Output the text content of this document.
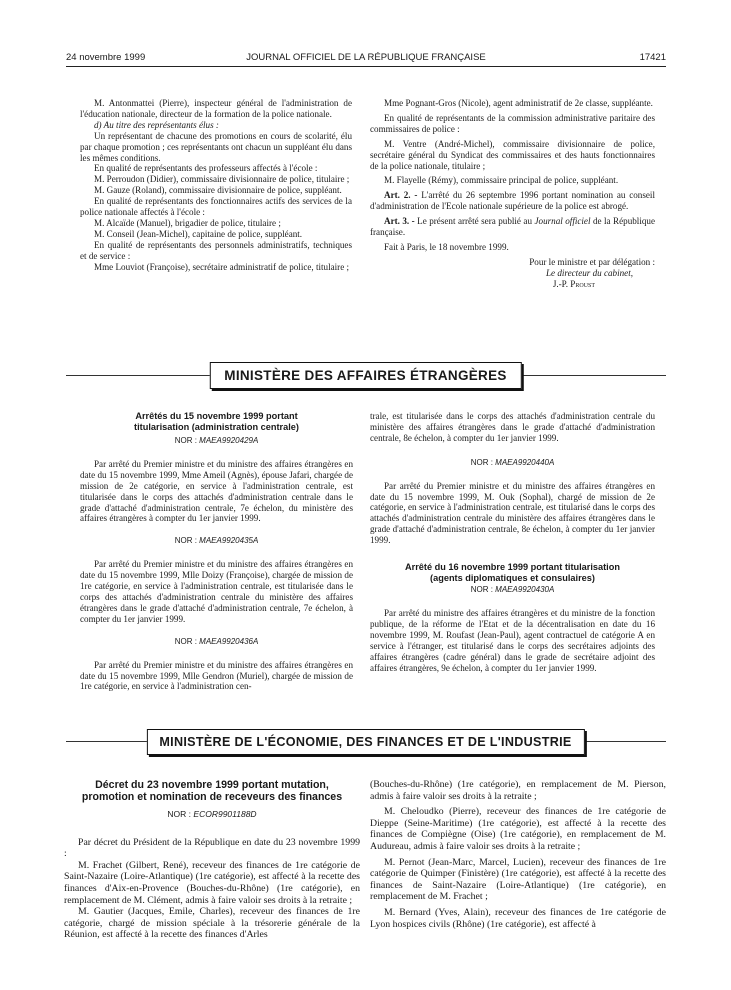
24 novembre 1999	JOURNAL OFFICIEL DE LA RÉPUBLIQUE FRANÇAISE	17421

M. Antonmattei (Pierre), inspecteur général de l'administration de l'éducation nationale, directeur de la formation de la police nationale.

d) Au titre des représentants élus :

Un représentant de chacune des promotions en cours de scolarité, élu par chaque promotion ; ces représentants ont chacun un suppléant élu dans les mêmes conditions.

En qualité de représentants des professeurs affectés à l'école :

M. Perroudon (Didier), commissaire divisionnaire de police, titulaire ;

M. Gauze (Roland), commissaire divisionnaire de police, suppléant.

En qualité de représentants des fonctionnaires actifs des services de la police nationale affectés à l'école :

M. Alcaïde (Manuel), brigadier de police, titulaire ;

M. Conseil (Jean-Michel), capitaine de police, suppléant.

En qualité de représentants des personnels administratifs, techniques et de service :

Mme Louviot (Françoise), secrétaire administratif de police, titulaire ;

Mme Pognant-Gros (Nicole), agent administratif de 2e classe, suppléante.

En qualité de représentants de la commission administrative paritaire des commissaires de police :

M. Ventre (André-Michel), commissaire divisionnaire de police, secrétaire général du Syndicat des commissaires et des hauts fonctionnaires de la police nationale, titulaire ;

M. Flayelle (Rémy), commissaire principal de police, suppléant.

Art. 2. - L'arrêté du 26 septembre 1996 portant nomination au conseil d'administration de l'Ecole nationale supérieure de la police est abrogé.

Art. 3. - Le présent arrêté sera publié au Journal officiel de la République française.

Fait à Paris, le 18 novembre 1999.

Pour le ministre et par délégation :

Le directeur du cabinet,

J.-P. Proust

MINISTÈRE DES AFFAIRES ÉTRANGÈRES
Arrêtés du 15 novembre 1999 portant titularisation (administration centrale)
NOR : MAEA9920429A

Par arrêté du Premier ministre et du ministre des affaires étrangères en date du 15 novembre 1999, Mme Ameil (Agnès), épouse Jafari, chargée de mission de 2e catégorie, en service à l'administration centrale, est titularisée dans le corps des attachés d'administration centrale dans le grade d'attaché d'administration centrale, 7e échelon, du ministère des affaires étrangères à compter du 1er janvier 1999.

NOR : MAEA9920435A

Par arrêté du Premier ministre et du ministre des affaires étrangères en date du 15 novembre 1999, Mlle Doizy (Françoise), chargée de mission de 1re catégorie, en service à l'administration centrale, est titularisée dans le corps des attachés d'administration centrale du ministère des affaires étrangères dans le grade d'attaché d'administration centrale, 7e échelon, à compter du 1er janvier 1999.

NOR : MAEA9920436A

Par arrêté du Premier ministre et du ministre des affaires étrangères en date du 15 novembre 1999, Mlle Gendron (Muriel), chargée de mission de 1re catégorie, en service à l'administration cen-

trale, est titularisée dans le corps des attachés d'administration centrale du ministère des affaires étrangères dans le grade d'attaché d'administration centrale, 8e échelon, à compter du 1er janvier 1999.

NOR : MAEA9920440A

Par arrêté du Premier ministre et du ministre des affaires étrangères en date du 15 novembre 1999, M. Ouk (Sophal), chargé de mission de 2e catégorie, en service à l'administration centrale, est titularisé dans le corps des attachés d'administration centrale du ministère des affaires étrangères dans le grade d'attaché d'administration centrale, 8e échelon, à compter du 1er janvier 1999.

Arrêté du 16 novembre 1999 portant titularisation (agents diplomatiques et consulaires)
NOR : MAEA9920430A

Par arrêté du ministre des affaires étrangères et du ministre de la fonction publique, de la réforme de l'Etat et de la décentralisation en date du 16 novembre 1999, M. Roufast (Jean-Paul), agent contractuel de catégorie A en service à l'étranger, est titularisé dans le corps des secrétaires adjoints des affaires étrangères (cadre général) dans le grade de secrétaire adjoint des affaires étrangères, 9e échelon, à compter du 1er janvier 1999.

MINISTÈRE DE L'ÉCONOMIE, DES FINANCES ET DE L'INDUSTRIE
Décret du 23 novembre 1999 portant mutation, promotion et nomination de receveurs des finances
NOR : ECOR9901188D

Par décret du Président de la République en date du 23 novembre 1999 :

M. Frachet (Gilbert, René), receveur des finances de 1re catégorie de Saint-Nazaire (Loire-Atlantique) (1re catégorie), est affecté à la recette des finances d'Aix-en-Provence (Bouches-du-Rhône) (1re catégorie), en remplacement de M. Clément, admis à faire valoir ses droits à la retraite ;

M. Gautier (Jacques, Emile, Charles), receveur des finances de 1re catégorie, chargé de mission spéciale à la trésorerie générale de la Réunion, est affecté à la recette des finances d'Arles

(Bouches-du-Rhône) (1re catégorie), en remplacement de M. Pierson, admis à faire valoir ses droits à la retraite ;

M. Cheloudko (Pierre), receveur des finances de 1re catégorie de Dieppe (Seine-Maritime) (1re catégorie), est affecté à la recette des finances de Compiègne (Oise) (1re catégorie), en remplacement de M. Audureau, admis à faire valoir ses droits à la retraite ;

M. Pernot (Jean-Marc, Marcel, Lucien), receveur des finances de 1re catégorie de Quimper (Finistère) (1re catégorie), est affecté à la recette des finances de Saint-Nazaire (Loire-Atlantique) (1re catégorie), en remplacement de M. Frachet ;

M. Bernard (Yves, Alain), receveur des finances de 1re catégorie de Lyon hospices civils (Rhône) (1re catégorie), est affecté à
